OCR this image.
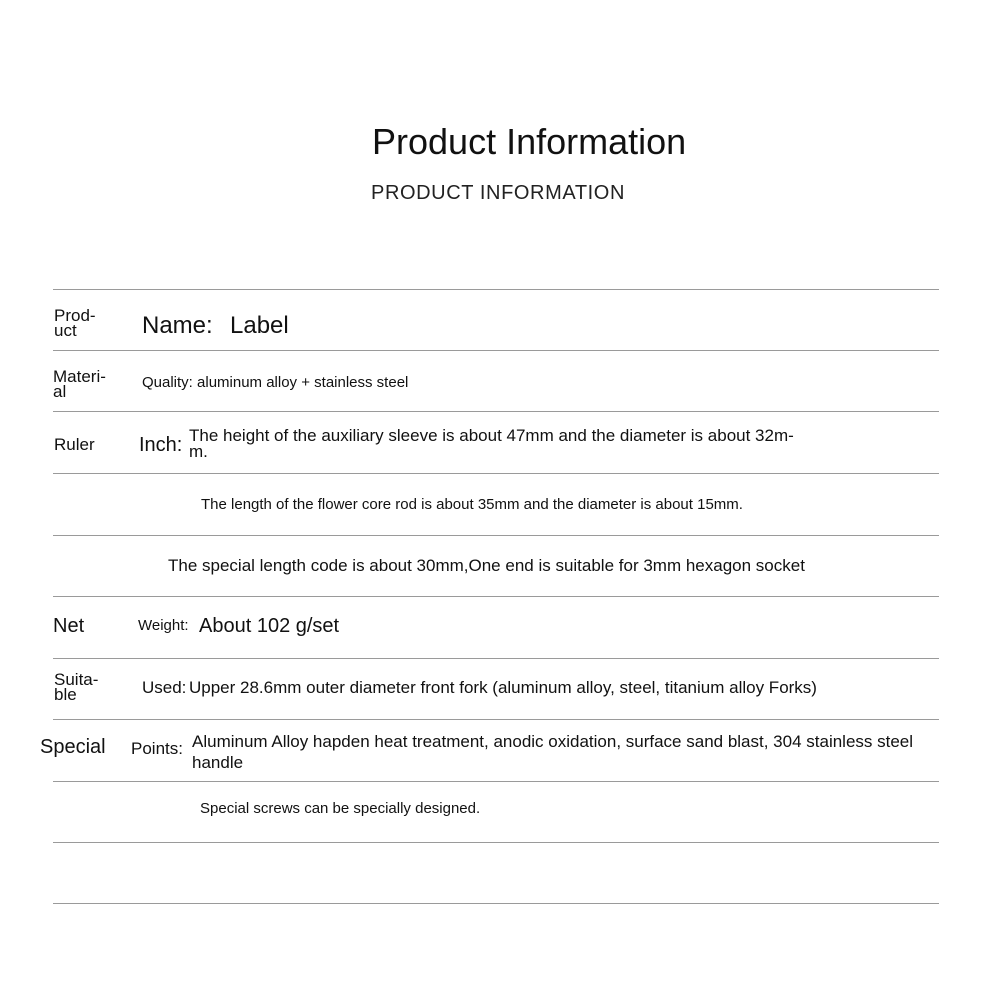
Product Information
PRODUCT INFORMATION
Prod-
uct	Name: Label
Materi-
al	Quality: aluminum alloy + stainless steel
Ruler Inch: The height of the auxiliary sleeve is about 47mm and the diameter is about 32m-
m.
The length of the flower core rod is about 35mm and the diameter is about 15mm.
The special length code is about 30mm,One end is suitable for 3mm hexagon socket
Net	Weight: About 102 g/set
Suita-
ble	Used: Upper 28.6mm outer diameter front fork (aluminum alloy, steel, titanium alloy Forks)
Special Points: Aluminum Alloy hapden heat treatment, anodic oxidation, surface sand blast, 304 stainless steel
handle
Special screws can be specially designed.
